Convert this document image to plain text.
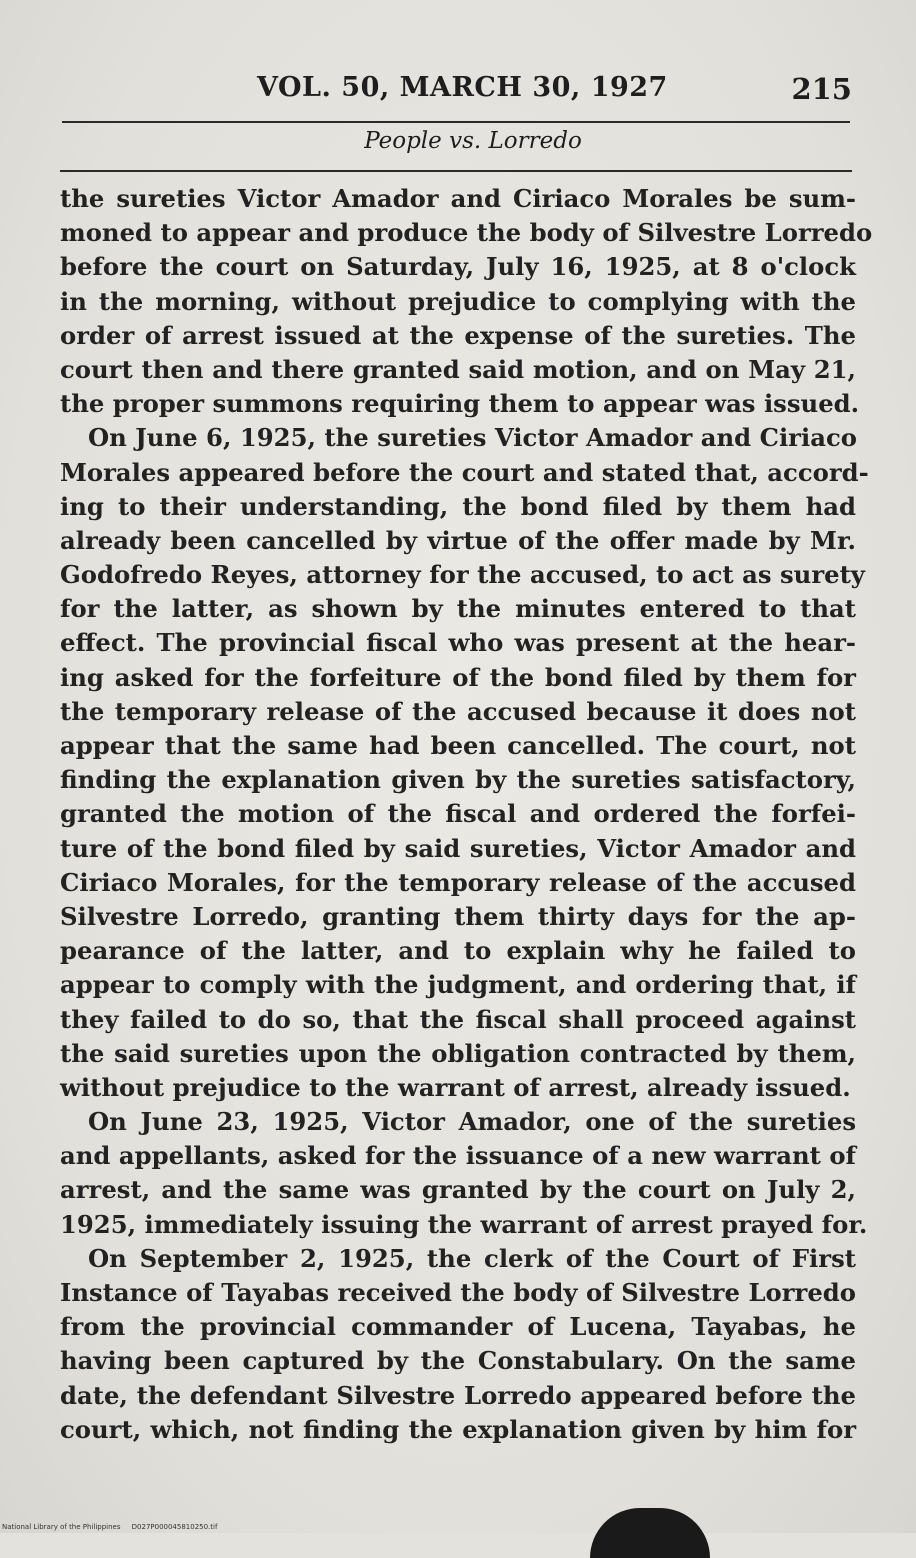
VOL. 50, MARCH 30, 1927	215
People vs. Lorredo
the sureties Victor Amador and Ciriaco Morales be sum-
moned to appear and produce the body of Silvestre Lorredo
before the court on Saturday, July 16, 1925, at 8 o'clock
in the morning, without prejudice to complying with the
order of arrest issued at the expense of the sureties. The
court then and there granted said motion, and on May 21,
the proper summons requiring them to appear was issued.
On June 6, 1925, the sureties Victor Amador and Ciriaco
Morales appeared before the court and stated that, accord-
ing to their understanding, the bond filed by them had
already been cancelled by virtue of the offer made by Mr.
Godofredo Reyes, attorney for the accused, to act as surety
for the latter, as shown by the minutes entered to that
effect. The provincial fiscal who was present at the hear-
ing asked for the forfeiture of the bond filed by them for
the temporary release of the accused because it does not
appear that the same had been cancelled. The court, not
finding the explanation given by the sureties satisfactory,
granted the motion of the fiscal and ordered the forfei-
ture of the bond filed by said sureties, Victor Amador and
Ciriaco Morales, for the temporary release of the accused
Silvestre Lorredo, granting them thirty days for the ap-
pearance of the latter, and to explain why he failed to
appear to comply with the judgment, and ordering that, if
they failed to do so, that the fiscal shall proceed against
the said sureties upon the obligation contracted by them,
without prejudice to the warrant of arrest, already issued.
On June 23, 1925, Victor Amador, one of the sureties
and appellants, asked for the issuance of a new warrant of
arrest, and the same was granted by the court on July 2,
1925, immediately issuing the warrant of arrest prayed for.
On September 2, 1925, the clerk of the Court of First
Instance of Tayabas received the body of Silvestre Lorredo
from the provincial commander of Lucena, Tayabas, he
having been captured by the Constabulary. On the same
date, the defendant Silvestre Lorredo appeared before the
court, which, not finding the explanation given by him for
National Library of the Philippines D027P000045810250.tif
